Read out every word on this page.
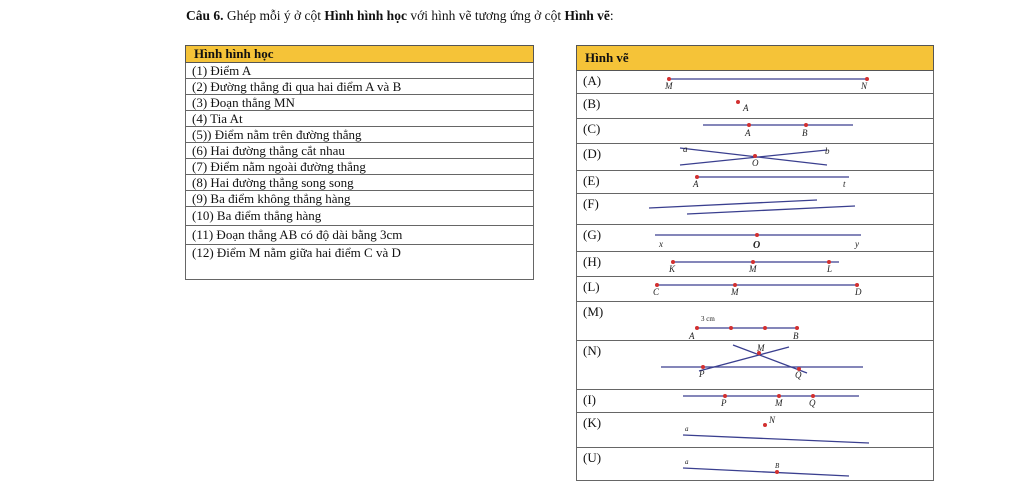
Câu 6. Ghép mỗi ý ở cột Hình hình học với hình vẽ tương ứng ở cột Hình vẽ:
Hình hình học
(1) Điểm A
(2) Đường thẳng đi qua hai điểm A và B
(3) Đoạn thẳng MN
(4) Tia At
(5)) Điểm nằm trên đường thẳng
(6) Hai đường thẳng cắt nhau
(7) Điểm nằm ngoài đường thẳng
(8) Hai đường thẳng song song
(9) Ba điểm không thẳng hàng
(10) Ba điểm thẳng hàng
(11) Đoạn thẳng AB có độ dài bằng 3cm
(12) Điểm M nằm giữa hai điểm C và D
Hình vẽ

(A)	M	N

(B)	A

(C)	A	B

(D)	a
O
b

(E)	A	t

(F)

(G)
x	O	y

(H)	K	M	L

(L)	C	M	D

(M)	3 cm
A	B

(N)	M
P	Q

(I)	P	M	Q

(K)	N
a

(U)	a	B
